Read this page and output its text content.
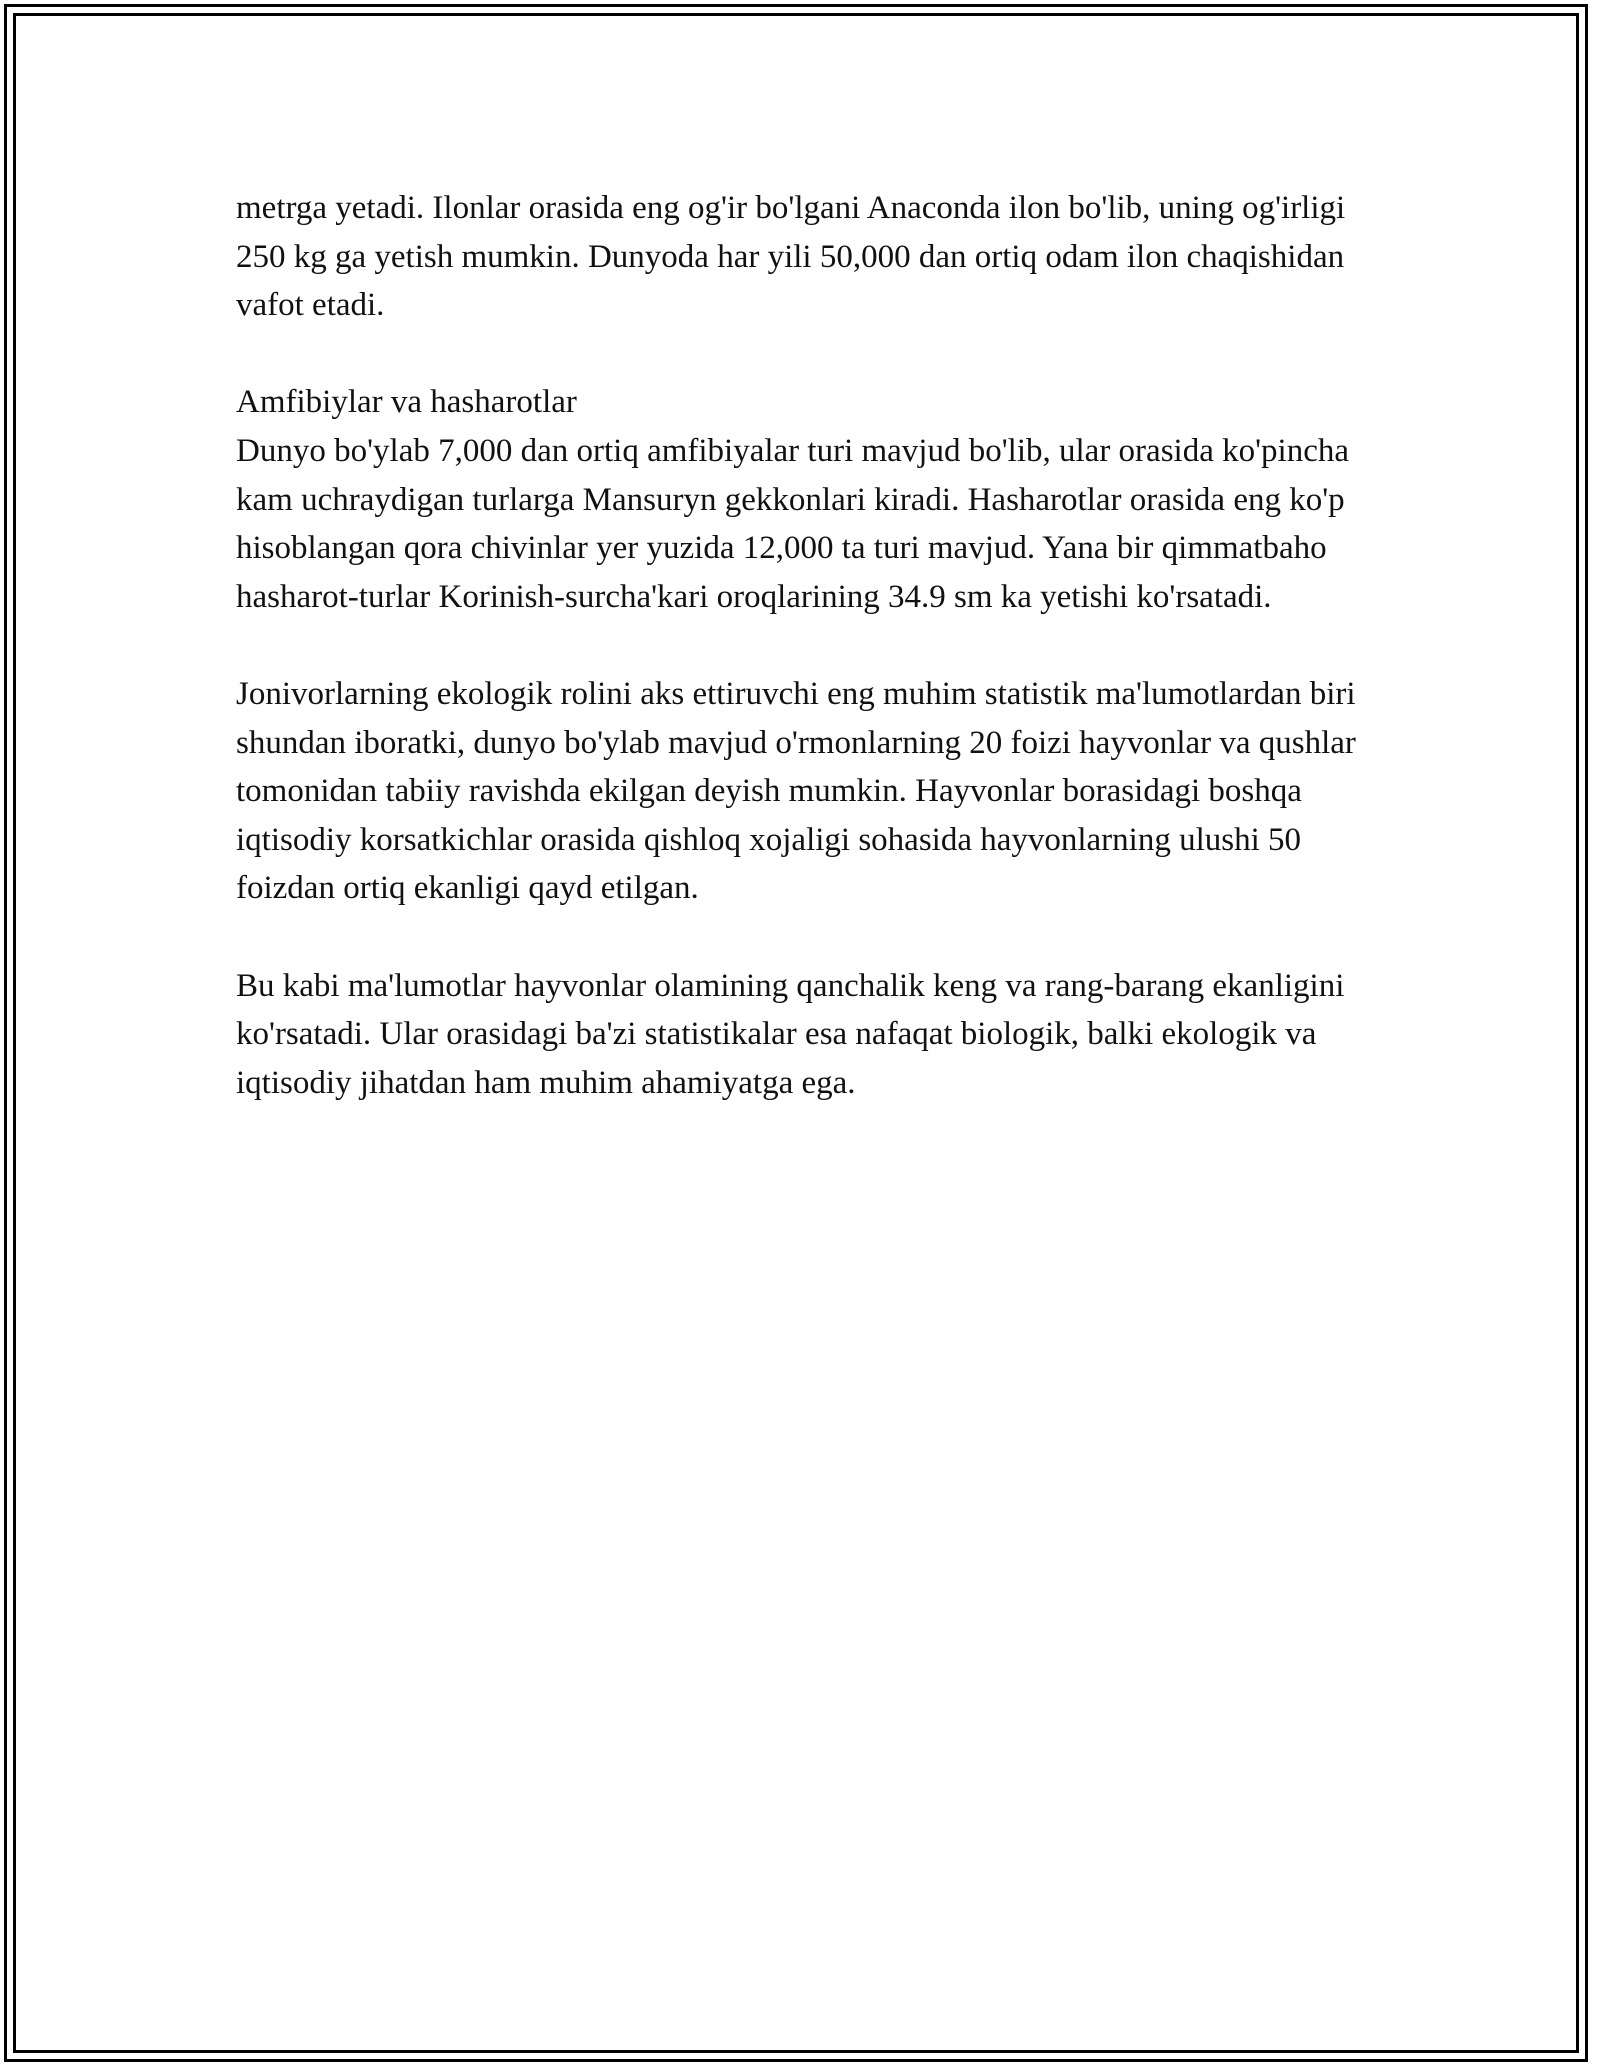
metrga yetadi. Ilonlar orasida eng og'ir bo'lgani Anaconda ilon bo'lib, uning og'irligi 250 kg ga yetish mumkin. Dunyoda har yili 50,000 dan ortiq odam ilon chaqishidan vafot etadi.

Amfibiylar va hasharotlar

Dunyo bo'ylab 7,000 dan ortiq amfibiyalar turi mavjud bo'lib, ular orasida ko'pincha kam uchraydigan turlarga Mansuryn gekkonlari kiradi. Hasharotlar orasida eng ko'p hisoblangan qora chivinlar yer yuzida 12,000 ta turi mavjud. Yana bir qimmatbaho hasharot-turlar Korinish-surcha'kari oroqlarining 34.9 sm ka yetishi ko'rsatadi.

Jonivorlarning ekologik rolini aks ettiruvchi eng muhim statistik ma'lumotlardan biri shundan iboratki, dunyo bo'ylab mavjud o'rmonlarning 20 foizi hayvonlar va qushlar tomonidan tabiiy ravishda ekilgan deyish mumkin. Hayvonlar borasidagi boshqa iqtisodiy korsatkichlar orasida qishloq xojaligi sohasida hayvonlarning ulushi 50 foizdan ortiq ekanligi qayd etilgan.

Bu kabi ma'lumotlar hayvonlar olamining qanchalik keng va rang-barang ekanligini ko'rsatadi. Ular orasidagi ba'zi statistikalar esa nafaqat biologik, balki ekologik va iqtisodiy jihatdan ham muhim ahamiyatga ega.
